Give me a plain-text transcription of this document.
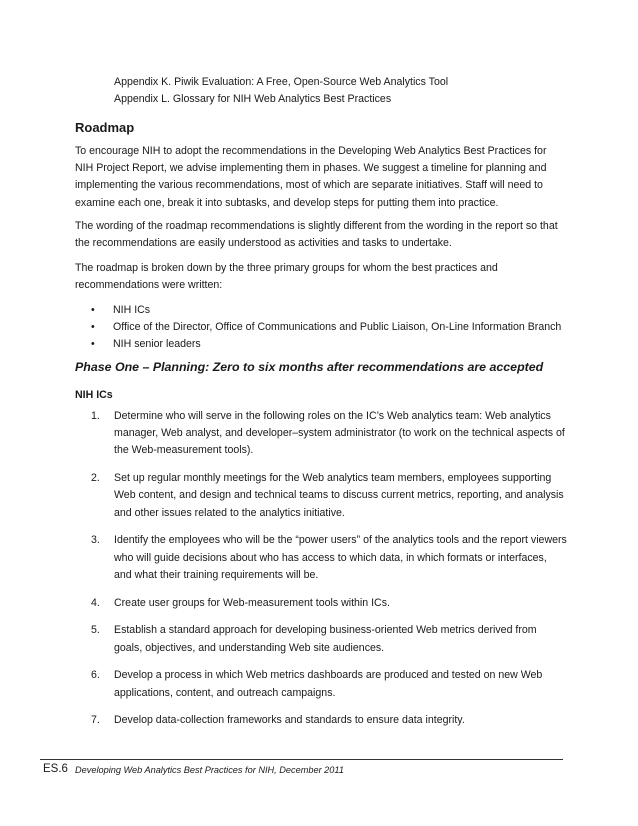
Appendix K. Piwik Evaluation: A Free, Open-Source Web Analytics Tool
Appendix L. Glossary for NIH Web Analytics Best Practices
Roadmap
To encourage NIH to adopt the recommendations in the Developing Web Analytics Best Practices for NIH Project Report, we advise implementing them in phases. We suggest a timeline for planning and implementing the various recommendations, most of which are separate initiatives. Staff will need to examine each one, break it into subtasks, and develop steps for putting them into practice.
The wording of the roadmap recommendations is slightly different from the wording in the report so that the recommendations are easily understood as activities and tasks to undertake.
The roadmap is broken down by the three primary groups for whom the best practices and recommendations were written:
• NIH ICs
• Office of the Director, Office of Communications and Public Liaison, On-Line Information Branch
• NIH senior leaders
Phase One – Planning: Zero to six months after recommendations are accepted
NIH ICs
1. Determine who will serve in the following roles on the IC’s Web analytics team: Web analytics manager, Web analyst, and developer–system administrator (to work on the technical aspects of the Web-measurement tools).
2. Set up regular monthly meetings for the Web analytics team members, employees supporting Web content, and design and technical teams to discuss current metrics, reporting, and analysis and other issues related to the analytics initiative.
3. Identify the employees who will be the “power users” of the analytics tools and the report viewers who will guide decisions about who has access to which data, in which formats or interfaces, and what their training requirements will be.
4. Create user groups for Web-measurement tools within ICs.
5. Establish a standard approach for developing business-oriented Web metrics derived from goals, objectives, and understanding Web site audiences.
6. Develop a process in which Web metrics dashboards are produced and tested on new Web applications, content, and outreach campaigns.
7. Develop data-collection frameworks and standards to ensure data integrity.
ES.6 Developing Web Analytics Best Practices for NIH, December 2011
